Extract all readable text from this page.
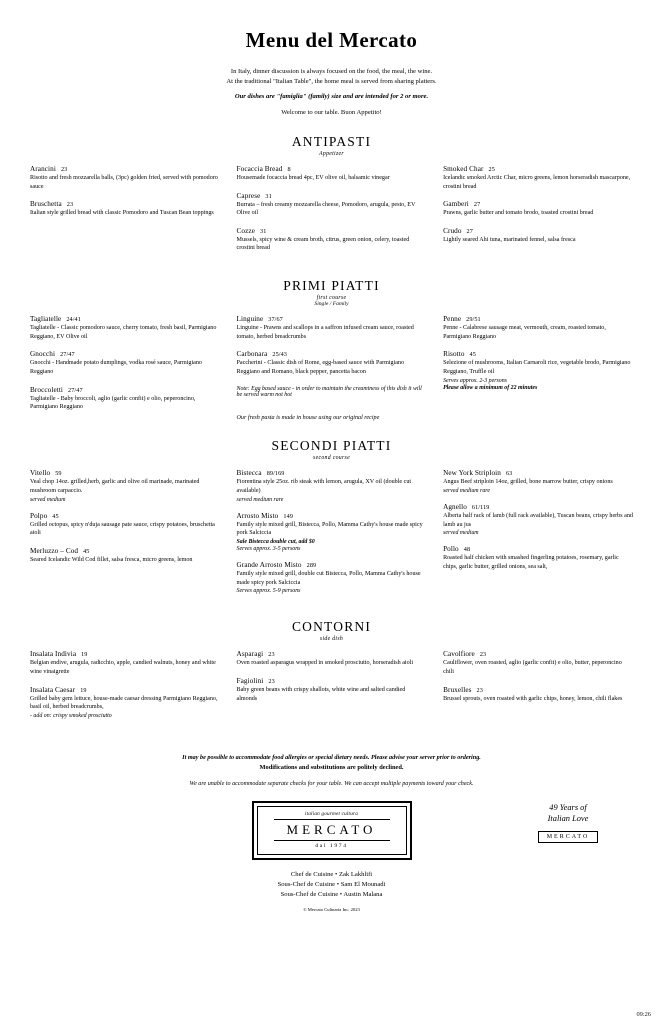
Menu del Mercato
In Italy, dinner discussion is always focused on the food, the meal, the wine.
At the traditional "Italian Table", the home meal is served from sharing platters.
Our dishes are "famiglia" (family) size and are intended for 2 or more.
Welcome to our table. Buon Appetito!
ANTIPASTI
Appetizer
Arancini 23
Risotto and fresh mozzarella balls, (3pc) golden fried, served with pomodoro sauce
Bruschetta 23
Italian style grilled bread with classic Pomodoro and Tuscan Bean toppings
Focaccia Bread 8
Housemade focaccia bread 4pc, EV olive oil, balsamic vinegar
Caprese 31
Burrata – fresh creamy mozzarella cheese, Pomodoro, arugula, pesto, EV Olive oil
Cozze 31
Mussels, spicy wine & cream broth, citrus, green onion, celery, toasted crostini bread
Smoked Char 25
Icelandic smoked Arctic Char, micro greens, lemon horseradish mascarpone, crostini bread
Gamberi 27
Prawns, garlic butter and tomato brodo, toasted crostini bread
Crudo 27
Lightly seared Ahi tuna, marinated fennel, salsa fresca
PRIMI PIATTI
first course
Single / Family
Tagliatelle 24/41
Tagliatelle - Classic pomodoro sauce, cherry tomato, fresh basil, Parmigiano Reggiano, EV Olive oil
Gnocchi 27/47
Gnocchi - Handmade potato dumplings, vodka rosé sauce, Parmigiano Reggiano
Broccoletti 27/47
Tagliatelle - Baby broccoli, aglio (garlic confit) e olio, peperoncino, Parmigiano Reggiano
Linguine 37/67
Linguine - Prawns and scallops in a saffron infused cream sauce, roasted tomato, herbed breadcrumbs
Carbonara 25/43
Paccherini - Classic dish of Rome, egg-based sauce with Parmigiano Reggiano and Romano, black pepper, pancetta bacon
Note: Egg based sauce - in order to maintain the creaminess of this dish it will be served warm not hot
Our fresh pasta is made in house using our original recipe
Penne 29/51
Penne - Calabrese sausage meat, vermouth, cream, roasted tomato, Parmigiano Reggiano
Risotto 45
Selezione of mushrooms, Italian Carnaroli rice, vegetable brodo, Parmigiano Reggiano, Truffle oil
Serves approx. 2-3 persons
Please allow a minimum of 22 minutes
SECONDI PIATTI
second course
Vitello 59
Veal chop 14oz. grilled,herb, garlic and olive oil marinade, marinated mushroom carpaccio.
served medium
Polpo 45
Grilled octopus, spicy n'duja sausage pate sauce, crispy potatoes, bruschetta aioli
Merluzzo – Cod 45
Seared Icelandic Wild Cod fillet, salsa fresca, micro greens, lemon
Bistecca 89/169
Fiorentina style 25oz. rib steak with lemon, arugula, XV oil (double cut available)
served medium rare
Arrosto Misto 149
Family style mixed grill, Bistecca, Pollo, Mamma Cathy's house made spicy pork Salciccia
Sale Bistecca double cut, add $0
Serves approx. 3-5 persons
Grande Arrosto Misto 289
Family style mixed grill, double cut Bistecca, Pollo, Mamma Cathy's house made spicy pork Salciccia
Serves approx. 5-9 persons
New York Striploin 63
Angus Beef striploin 14oz, grilled, bone marrow butter, crispy onions
served medium rare
Agnello 61/119
Alberta half rack of lamb (full rack available), Tuscan beans, crispy herbs and lamb au jus
served medium
Pollo 48
Roasted half chicken with smashed fingerling potatoes, rosemary, garlic chips, garlic butter, grilled onions, sea salt,
CONTORNI
side dish
Insalata Indivia 19
Belgian endive, arugula, radicchio, apple, candied walnuts, honey and white wine vinaigrette
Insalata Caesar 19
Grilled baby gem lettuce, house-made caesar dressing Parmigiano Reggiano, basil oil, herbed breadcrumbs,
- add on: crispy smoked prosciutto
Asparagi 23
Oven roasted asparagus wrapped in smoked prosciutto, horseradish aioli
Fagiolini 23
Baby green beans with crispy shallots, white wine and salted candied almonds
Cavolfiore 23
Cauliflower, oven roasted, aglio (garlic confit) e olio, butter, peperoncino chili
Bruxelles 23
Brussel sprouts, oven roasted with garlic chips, honey, lemon, chili flakes
It may be possible to accommodate food allergies or special dietary needs. Please advise your server prior to ordering.
Modifications and substitutions are politely declined.
We are unable to accommodate separate checks for your table. We can accept multiple payments toward your check.
italian gourmet cultura
MERCATO
dal 1974
49 Years of
Italian Love
MERCATO
Chef de Cuisine • Zak Lakhlifi
Sous-Chef de Cuisine • Sam El Mounadi
Sous-Chef de Cuisine • Austin Malana
© Mercato Culinaria Inc. 2023
09:26
